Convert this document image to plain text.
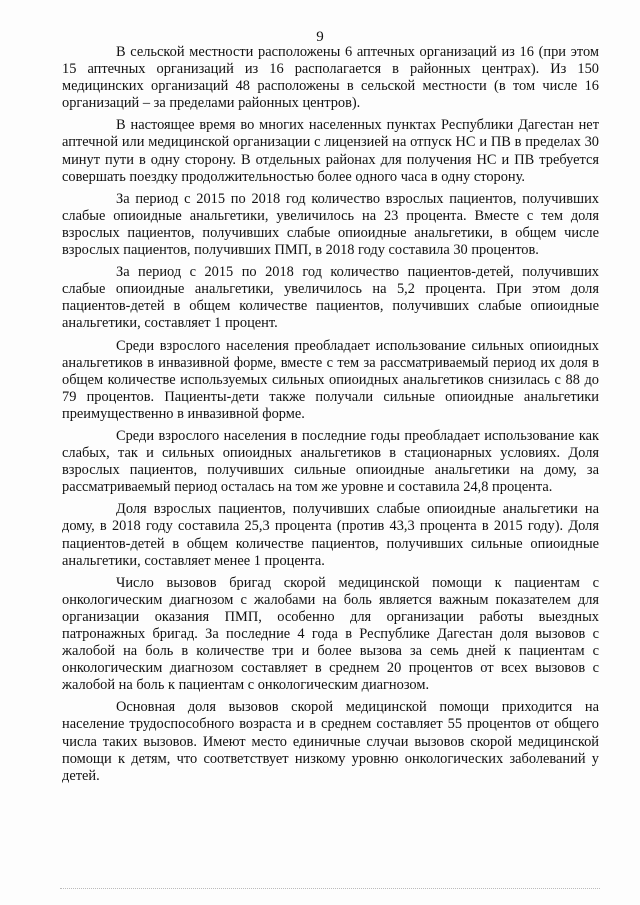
9

В сельской местности расположены 6 аптечных организаций из 16 (при этом 15 аптечных организаций из 16 располагается в районных центрах). Из 150 медицинских организаций 48 расположены в сельской местности (в том числе 16 организаций – за пределами районных центров).

В настоящее время во многих населенных пунктах Республики Дагестан нет аптечной или медицинской организации с лицензией на отпуск НС и ПВ в пределах 30 минут пути в одну сторону. В отдельных районах для получения НС и ПВ требуется совершать поездку продолжительностью более одного часа в одну сторону.

За период с 2015 по 2018 год количество взрослых пациентов, получивших слабые опиоидные анальгетики, увеличилось на 23 процента. Вместе с тем доля взрослых пациентов, получивших слабые опиоидные анальгетики, в общем числе взрослых пациентов, получивших ПМП, в 2018 году составила 30 процентов.

За период с 2015 по 2018 год количество пациентов-детей, получивших слабые опиоидные анальгетики, увеличилось на 5,2 процента. При этом доля пациентов-детей в общем количестве пациентов, получивших слабые опиоидные анальгетики, составляет 1 процент.

Среди взрослого населения преобладает использование сильных опиоидных анальгетиков в инвазивной форме, вместе с тем за рассматриваемый период их доля в общем количестве используемых сильных опиоидных анальгетиков снизилась с 88 до 79 процентов. Пациенты-дети также получали сильные опиоидные анальгетики преимущественно в инвазивной форме.

Среди взрослого населения в последние годы преобладает использование как слабых, так и сильных опиоидных анальгетиков в стационарных условиях. Доля взрослых пациентов, получивших сильные опиоидные анальгетики на дому, за рассматриваемый период осталась на том же уровне и составила 24,8 процента.

Доля взрослых пациентов, получивших слабые опиоидные анальгетики на дому, в 2018 году составила 25,3 процента (против 43,3 процента в 2015 году). Доля пациентов-детей в общем количестве пациентов, получивших сильные опиоидные анальгетики, составляет менее 1 процента.

Число вызовов бригад скорой медицинской помощи к пациентам с онкологическим диагнозом с жалобами на боль является важным показателем для организации оказания ПМП, особенно для организации работы выездных патронажных бригад. За последние 4 года в Республике Дагестан доля вызовов с жалобой на боль в количестве три и более вызова за семь дней к пациентам с онкологическим диагнозом составляет в среднем 20 процентов от всех вызовов с жалобой на боль к пациентам с онкологическим диагнозом.

Основная доля вызовов скорой медицинской помощи приходится на население трудоспособного возраста и в среднем составляет 55 процентов от общего числа таких вызовов. Имеют место единичные случаи вызовов скорой медицинской помощи к детям, что соответствует низкому уровню онкологических заболеваний у детей.
